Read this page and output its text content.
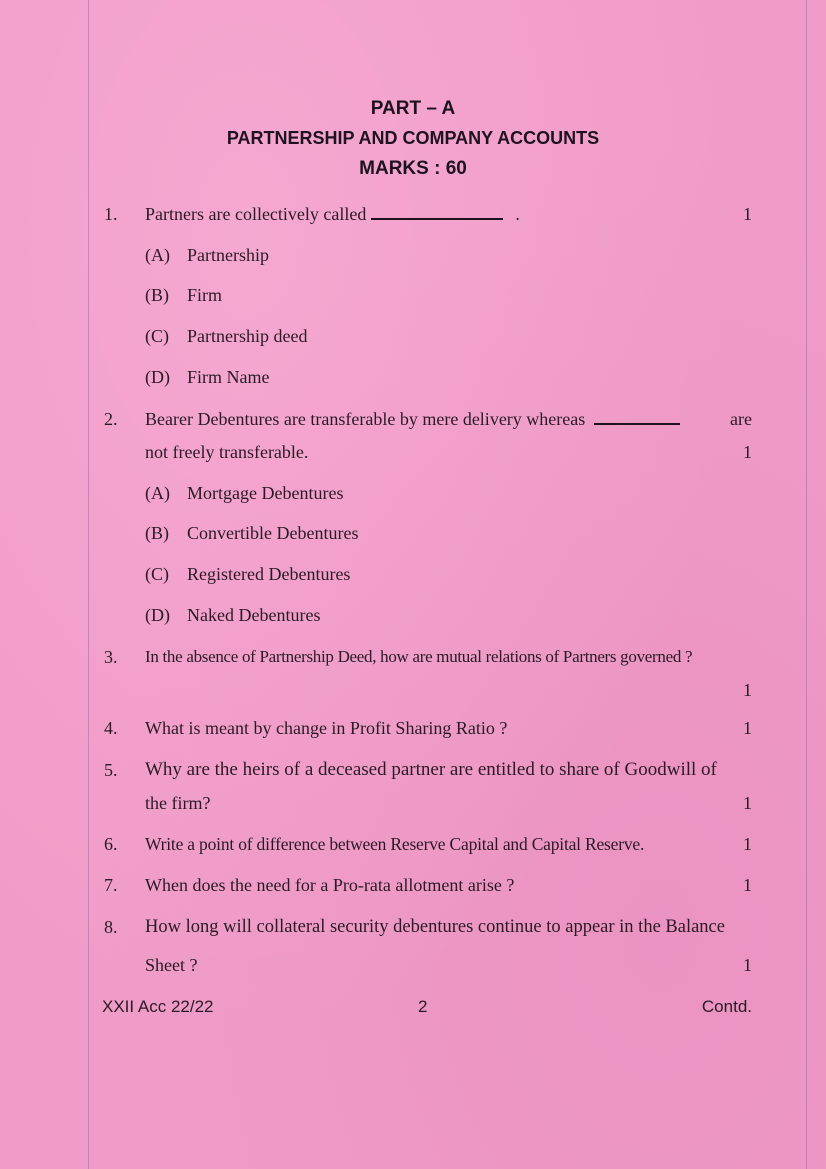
PART – A
PARTNERSHIP AND COMPANY ACCOUNTS
MARKS : 60
1. Partners are collectively called	.	1
(A) Partnership
(B) Firm
(C) Partnership deed
(D) Firm Name
2. Bearer Debentures are transferable by mere delivery whereas	are
not freely transferable.	1
(A) Mortgage Debentures
(B) Convertible Debentures
(C) Registered Debentures
(D) Naked Debentures
3. In the absence of Partnership Deed, how are mutual relations of Partners governed ?
1
4. What is meant by change in Profit Sharing Ratio ?	1
5. Why are the heirs of a deceased partner are entitled to share of Goodwill of
the firm?	1
6. Write a point of difference between Reserve Capital and Capital Reserve.	1
7. When does the need for a Pro-rata allotment arise ?	1
8. How long will collateral security debentures continue to appear in the Balance
Sheet ?	1
XXII Acc 22/22	2	Contd.
